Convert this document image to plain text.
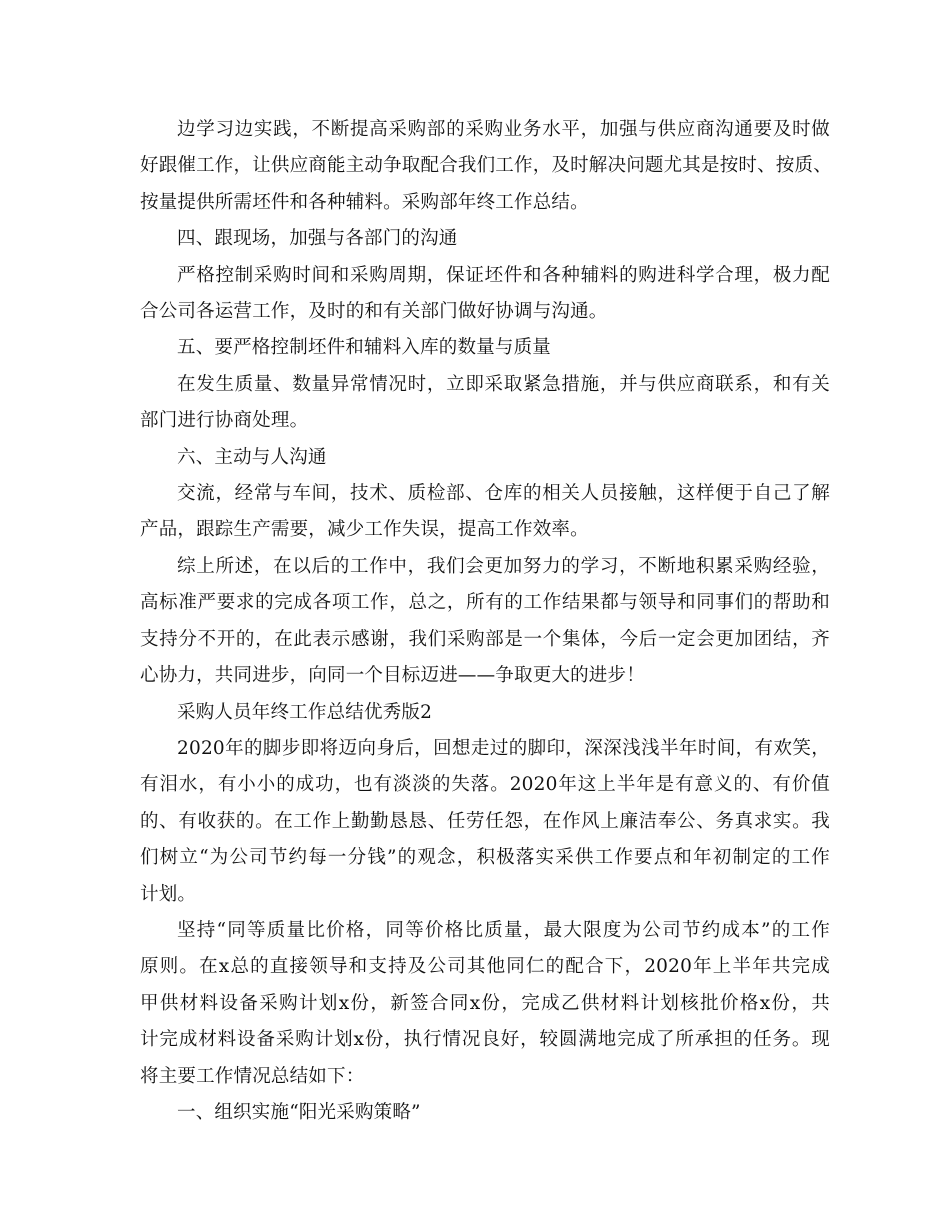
边学习边实践，不断提高采购部的采购业务水平，加强与供应商沟通要及时做
好跟催工作，让供应商能主动争取配合我们工作，及时解决问题尤其是按时、按质、
按量提供所需坯件和各种辅料。采购部年终工作总结。
四、跟现场，加强与各部门的沟通
严格控制采购时间和采购周期，保证坯件和各种辅料的购进科学合理，极力配
合公司各运营工作，及时的和有关部门做好协调与沟通。
五、要严格控制坯件和辅料入库的数量与质量
在发生质量、数量异常情况时，立即采取紧急措施，并与供应商联系，和有关
部门进行协商处理。
六、主动与人沟通
交流，经常与车间，技术、质检部、仓库的相关人员接触，这样便于自己了解
产品，跟踪生产需要，减少工作失误，提高工作效率。
综上所述，在以后的工作中，我们会更加努力的学习，不断地积累采购经验，
高标准严要求的完成各项工作，总之，所有的工作结果都与领导和同事们的帮助和
支持分不开的，在此表示感谢，我们采购部是一个集体，今后一定会更加团结，齐
心协力，共同进步，向同一个目标迈进——争取更大的进步！
采购人员年终工作总结优秀版2
2020年的脚步即将迈向身后，回想走过的脚印，深深浅浅半年时间，有欢笑，
有泪水，有小小的成功，也有淡淡的失落。2020年这上半年是有意义的、有价值
的、有收获的。在工作上勤勤恳恳、任劳任怨，在作风上廉洁奉公、务真求实。我
们树立“为公司节约每一分钱”的观念，积极落实采供工作要点和年初制定的工作
计划。
坚持“同等质量比价格，同等价格比质量，最大限度为公司节约成本”的工作
原则。在x总的直接领导和支持及公司其他同仁的配合下，2020年上半年共完成
甲供材料设备采购计划x份，新签合同x份，完成乙供材料计划核批价格x份，共
计完成材料设备采购计划x份，执行情况良好，较圆满地完成了所承担的任务。现
将主要工作情况总结如下：
一、组织实施“阳光采购策略”
